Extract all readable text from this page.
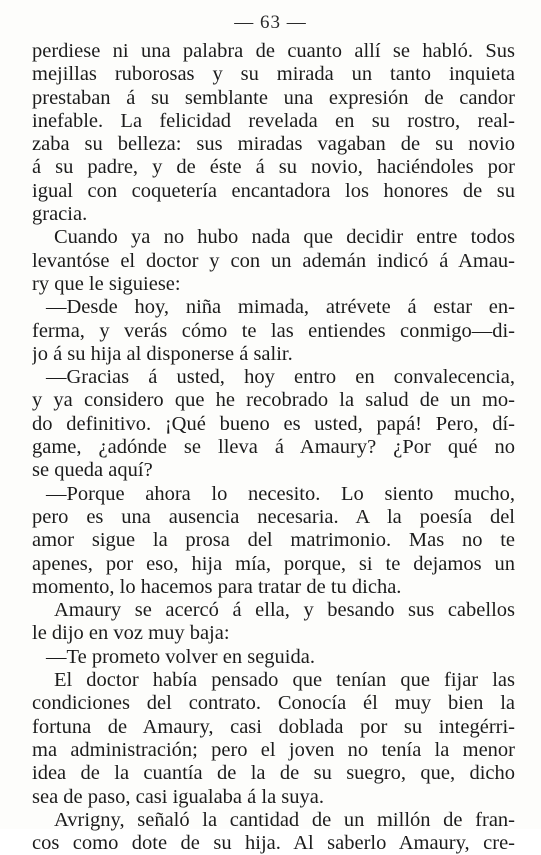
— 63 —
perdiese ni una palabra de cuanto allí se habló. Sus
mejillas ruborosas y su mirada un tanto inquieta
prestaban á su semblante una expresión de candor
inefable. La felicidad revelada en su rostro, real-
zaba su belleza: sus miradas vagaban de su novio
á su padre, y de éste á su novio, haciéndoles por
igual con coquetería encantadora los honores de su
gracia.
Cuando ya no hubo nada que decidir entre todos
levantóse el doctor y con un ademán indicó á Amau-
ry que le siguiese:
—Desde hoy, niña mimada, atrévete á estar en-
ferma, y verás cómo te las entiendes conmigo—di-
jo á su hija al disponerse á salir.
—Gracias á usted, hoy entro en convalecencia,
y ya considero que he recobrado la salud de un mo-
do definitivo. ¡Qué bueno es usted, papá! Pero, dí-
game, ¿adónde se lleva á Amaury? ¿Por qué no
se queda aquí?
—Porque ahora lo necesito. Lo siento mucho,
pero es una ausencia necesaria. A la poesía del
amor sigue la prosa del matrimonio. Mas no te
apenes, por eso, hija mía, porque, si te dejamos un
momento, lo hacemos para tratar de tu dicha.
Amaury se acercó á ella, y besando sus cabellos
le dijo en voz muy baja:
—Te prometo volver en seguida.
El doctor había pensado que tenían que fijar las
condiciones del contrato. Conocía él muy bien la
fortuna de Amaury, casi doblada por su integérri-
ma administración; pero el joven no tenía la menor
idea de la cuantía de la de su suegro, que, dicho
sea de paso, casi igualaba á la suya.
Avrigny, señaló la cantidad de un millón de fran-
cos como dote de su hija. Al saberlo Amaury, cre-
